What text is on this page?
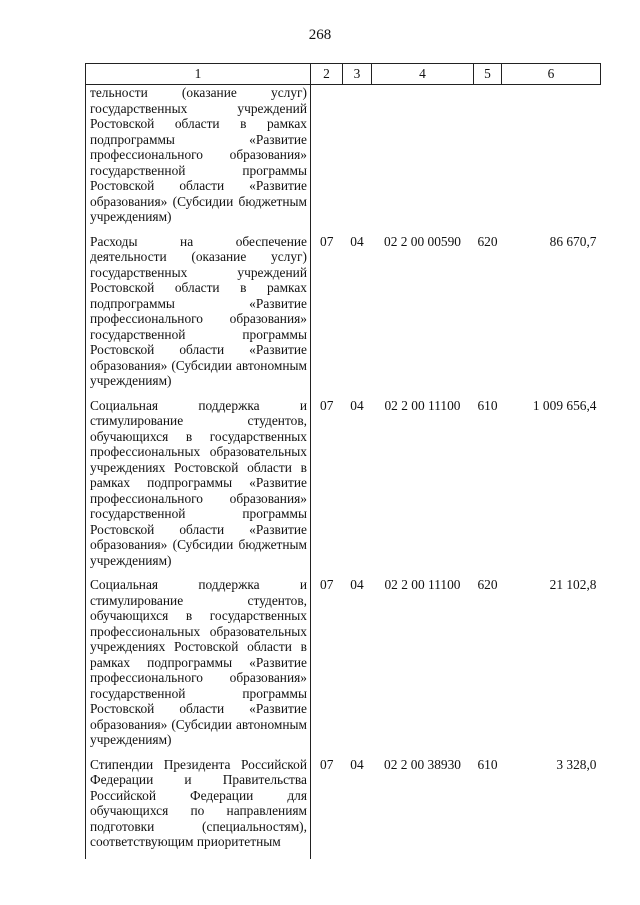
268
1	2	3	4	5	6
тельности (оказание услуг) государственных учреждений Ростовской области в рамках подпрограммы «Развитие профессионального образования» государственной программы Ростовской области «Развитие образования» (Субсидии бюджетным учреждениям)					
Расходы на обеспечение деятельности (оказание услуг) государственных учреждений Ростовской области в рамках подпрограммы «Развитие профессионального образования» государственной программы Ростовской области «Развитие образования» (Субсидии автономным учреждениям)	07	04	02 2 00 00590	620	86 670,7
Социальная поддержка и стимулирование студентов, обучающихся в государственных профессиональных образовательных учреждениях Ростовской области в рамках подпрограммы «Развитие профессионального образования» государственной программы Ростовской области «Развитие образования» (Субсидии бюджетным учреждениям)	07	04	02 2 00 11100	610	1 009 656,4
Социальная поддержка и стимулирование студентов, обучающихся в государственных профессиональных образовательных учреждениях Ростовской области в рамках подпрограммы «Развитие профессионального образования» государственной программы Ростовской области «Развитие образования» (Субсидии автономным учреждениям)	07	04	02 2 00 11100	620	21 102,8
Стипендии Президента Российской Федерации и Правительства Российской Федерации для обучающихся по направлениям подготовки (специальностям), соответствующим приоритетным	07	04	02 2 00 38930	610	3 328,0
